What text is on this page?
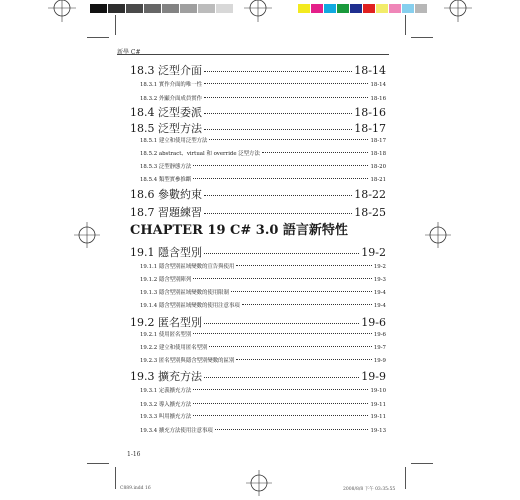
新學 C#
18.3 泛型介面	18-14
18.3.1 實作介面的唯一性	18-14
18.3.2 外顯介面成員實作	18-16
18.4 泛型委派	18-16
18.5 泛型方法	18-17
18.5.1 建立和使用泛型方法	18-17
18.5.2 abstract、virtual 和 override 泛型方法	18-18
18.5.3 泛型靜態方法	18-20
18.5.4 類型實參推斷	18-21
18.6 參數約束	18-22
18.7 習題練習	18-25
CHAPTER 19 C# 3.0 語言新特性
19.1 隱含型別	19-2
19.1.1 隱含型別區域變數的宣告與使用	19-2
19.1.2 隱含型別陣列	19-3
19.1.3 隱含型別區域變數的使用限制	19-4
19.1.4 隱含型別區域變數的使用注意事項	19-4
19.2 匿名型別	19-6
19.2.1 使用匿名型別	19-6
19.2.2 建立和使用匿名型別	19-7
19.2.3 匿名型別與隱含型別變數的區別	19-9
19.3 擴充方法	19-9
19.3.1 定義擴充方法	19-10
19.3.2 導入擴充方法	19-11
19.3.3 叫用擴充方法	19-11
19.3.4 擴充方法使用注意事項	19-13
1-16
C889.indd 16	2008/8/8 下午 03:35:55
